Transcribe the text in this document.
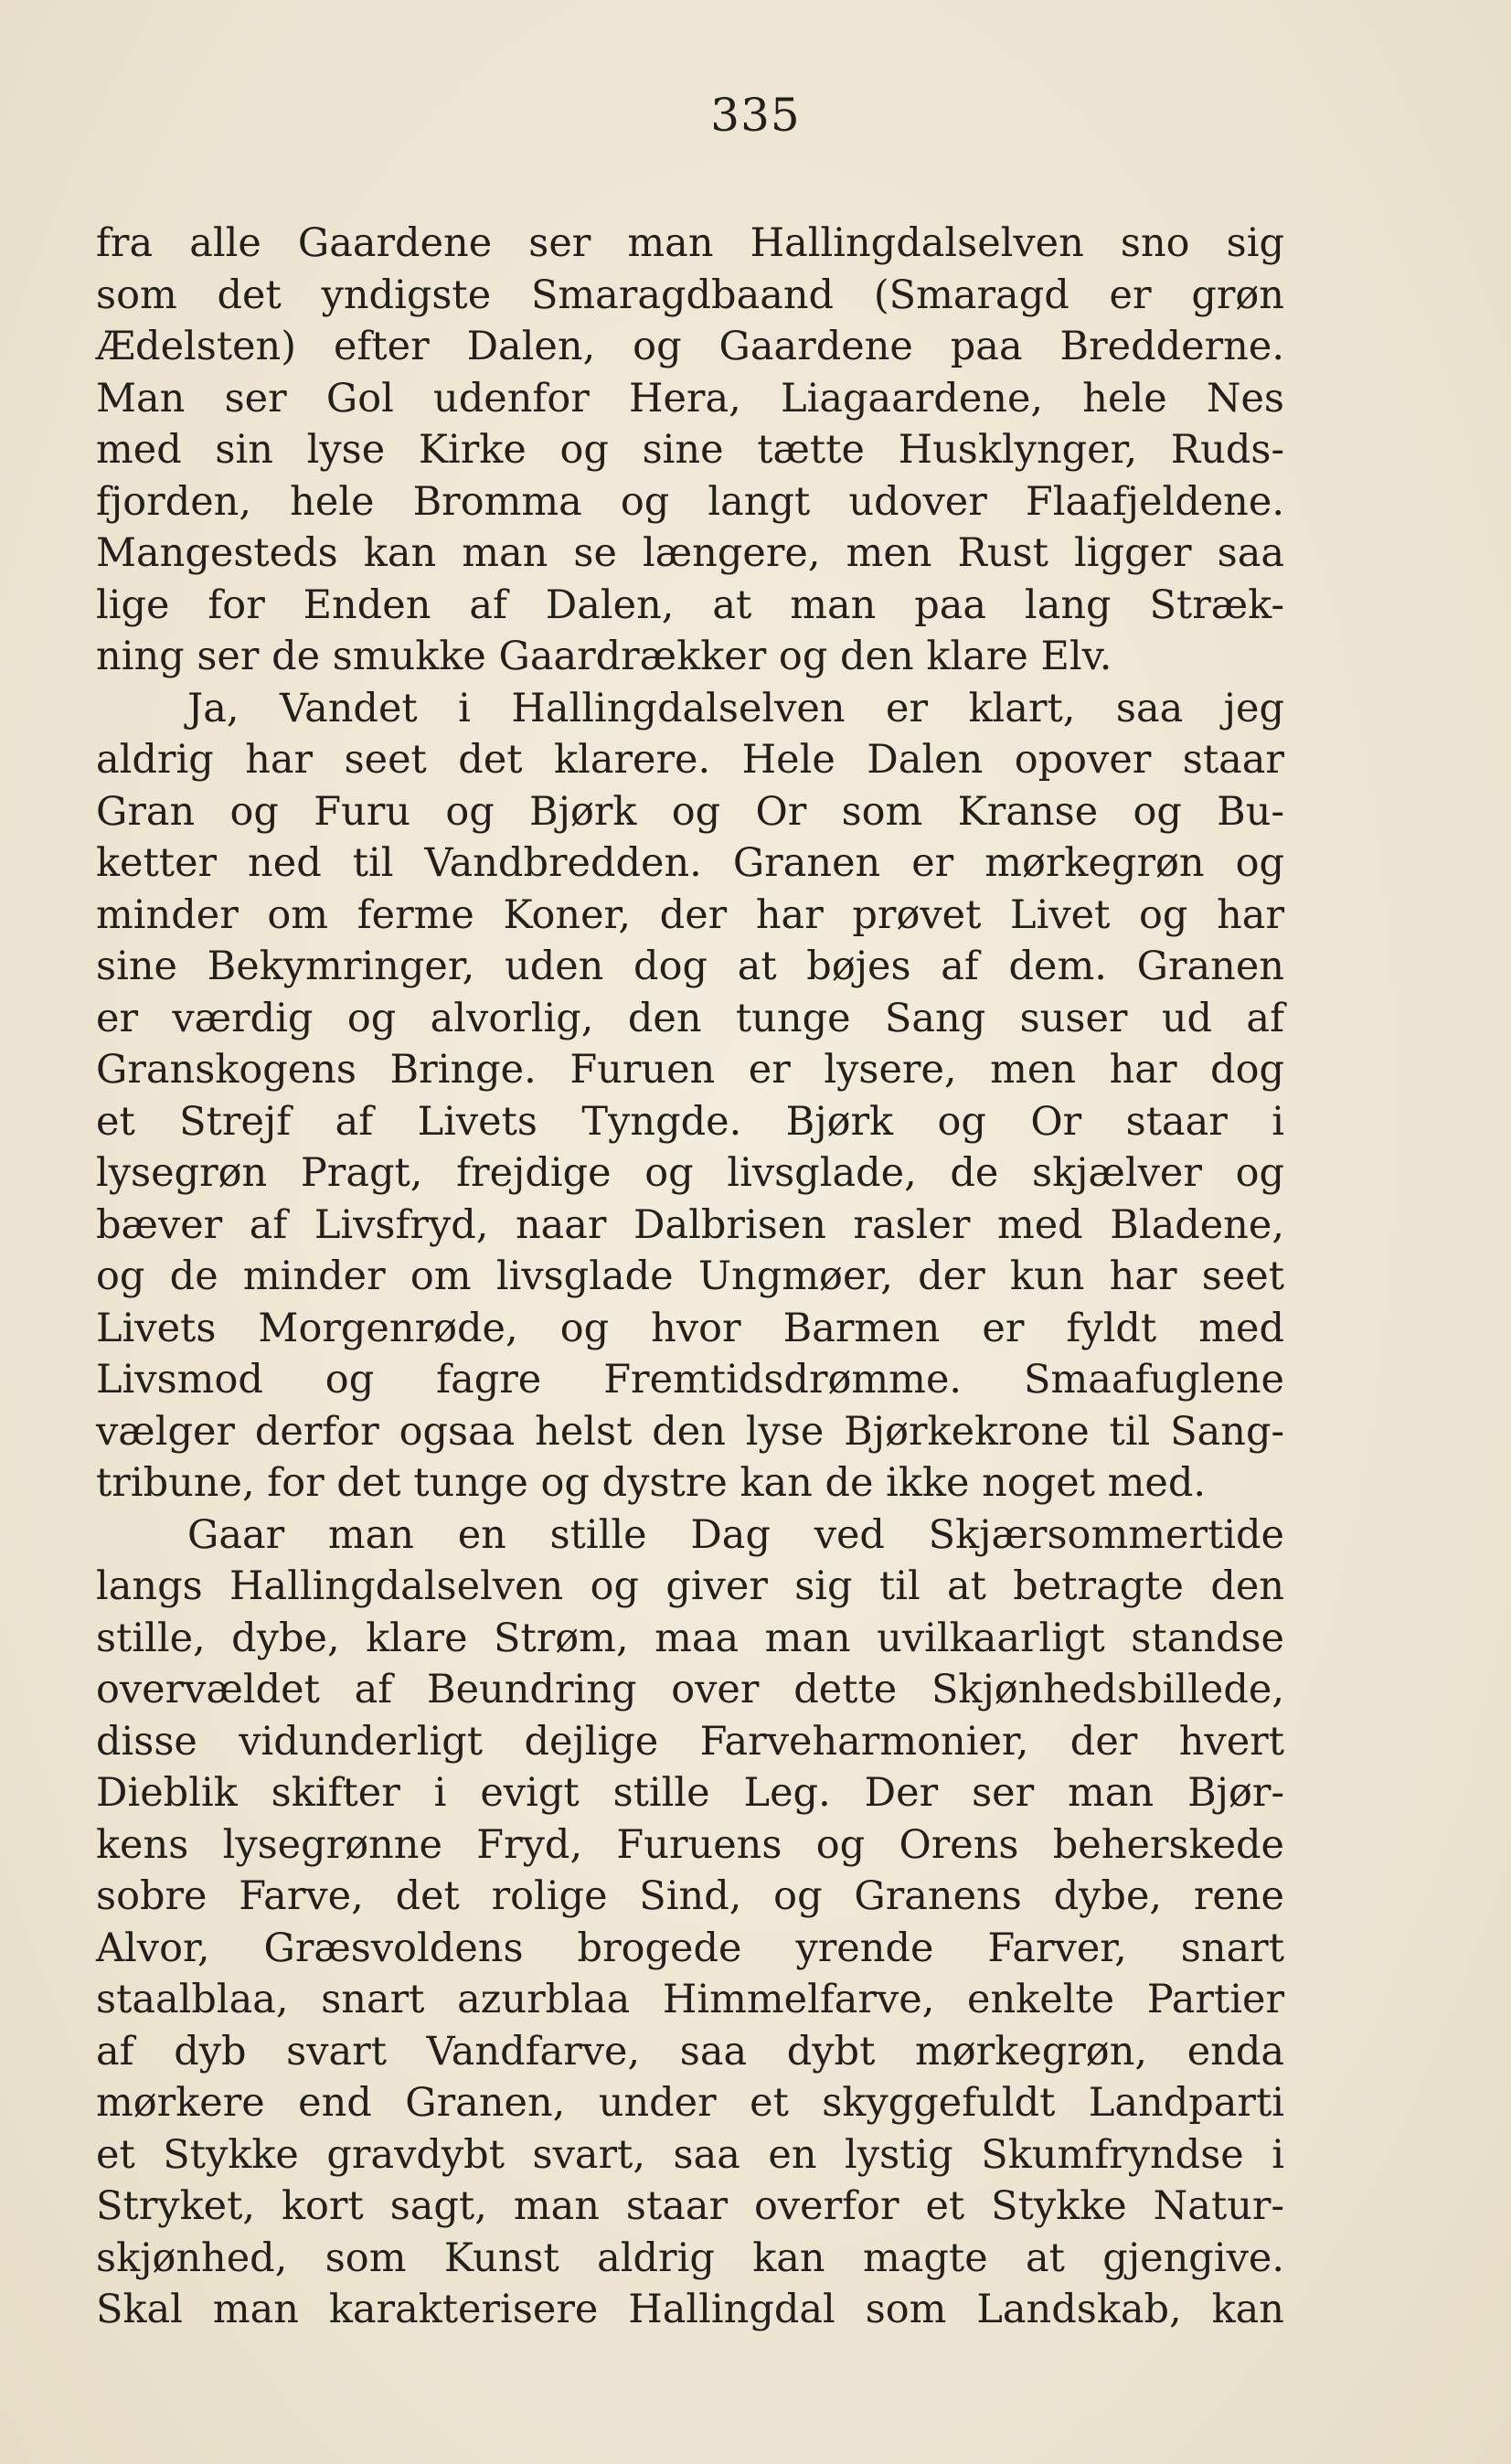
335
fra alle Gaardene ser man Hallingdalselven sno sig
som det yndigste Smaragdbaand (Smaragd er grøn
Ædelsten) efter Dalen, og Gaardene paa Bredderne.
Man ser Gol udenfor Hera, Liagaardene, hele Nes
med sin lyse Kirke og sine tætte Husklynger, Ruds-
fjorden, hele Bromma og langt udover Flaafjeldene.
Mangesteds kan man se længere, men Rust ligger saa
lige for Enden af Dalen, at man paa lang Stræk-
ning ser de smukke Gaardrækker og den klare Elv.
Ja, Vandet i Hallingdalselven er klart, saa jeg
aldrig har seet det klarere. Hele Dalen opover staar
Gran og Furu og Bjørk og Or som Kranse og Bu-
ketter ned til Vandbredden. Granen er mørkegrøn og
minder om ferme Koner, der har prøvet Livet og har
sine Bekymringer, uden dog at bøjes af dem. Granen
er værdig og alvorlig, den tunge Sang suser ud af
Granskogens Bringe. Furuen er lysere, men har dog
et Strejf af Livets Tyngde. Bjørk og Or staar i
lysegrøn Pragt, frejdige og livsglade, de skjælver og
bæver af Livsfryd, naar Dalbrisen rasler med Bladene,
og de minder om livsglade Ungmøer, der kun har seet
Livets Morgenrøde, og hvor Barmen er fyldt med
Livsmod og fagre Fremtidsdrømme. Smaafuglene
vælger derfor ogsaa helst den lyse Bjørkekrone til Sang-
tribune, for det tunge og dystre kan de ikke noget med.
Gaar man en stille Dag ved Skjærsommertide
langs Hallingdalselven og giver sig til at betragte den
stille, dybe, klare Strøm, maa man uvilkaarligt standse
overvældet af Beundring over dette Skjønhedsbillede,
disse vidunderligt dejlige Farveharmonier, der hvert
Dieblik skifter i evigt stille Leg. Der ser man Bjør-
kens lysegrønne Fryd, Furuens og Orens beherskede
sobre Farve, det rolige Sind, og Granens dybe, rene
Alvor, Græsvoldens brogede yrende Farver, snart
staalblaa, snart azurblaa Himmelfarve, enkelte Partier
af dyb svart Vandfarve, saa dybt mørkegrøn, enda
mørkere end Granen, under et skyggefuldt Landparti
et Stykke gravdybt svart, saa en lystig Skumfryndse i
Stryket, kort sagt, man staar overfor et Stykke Natur-
skjønhed, som Kunst aldrig kan magte at gjengive.
Skal man karakterisere Hallingdal som Landskab, kan
